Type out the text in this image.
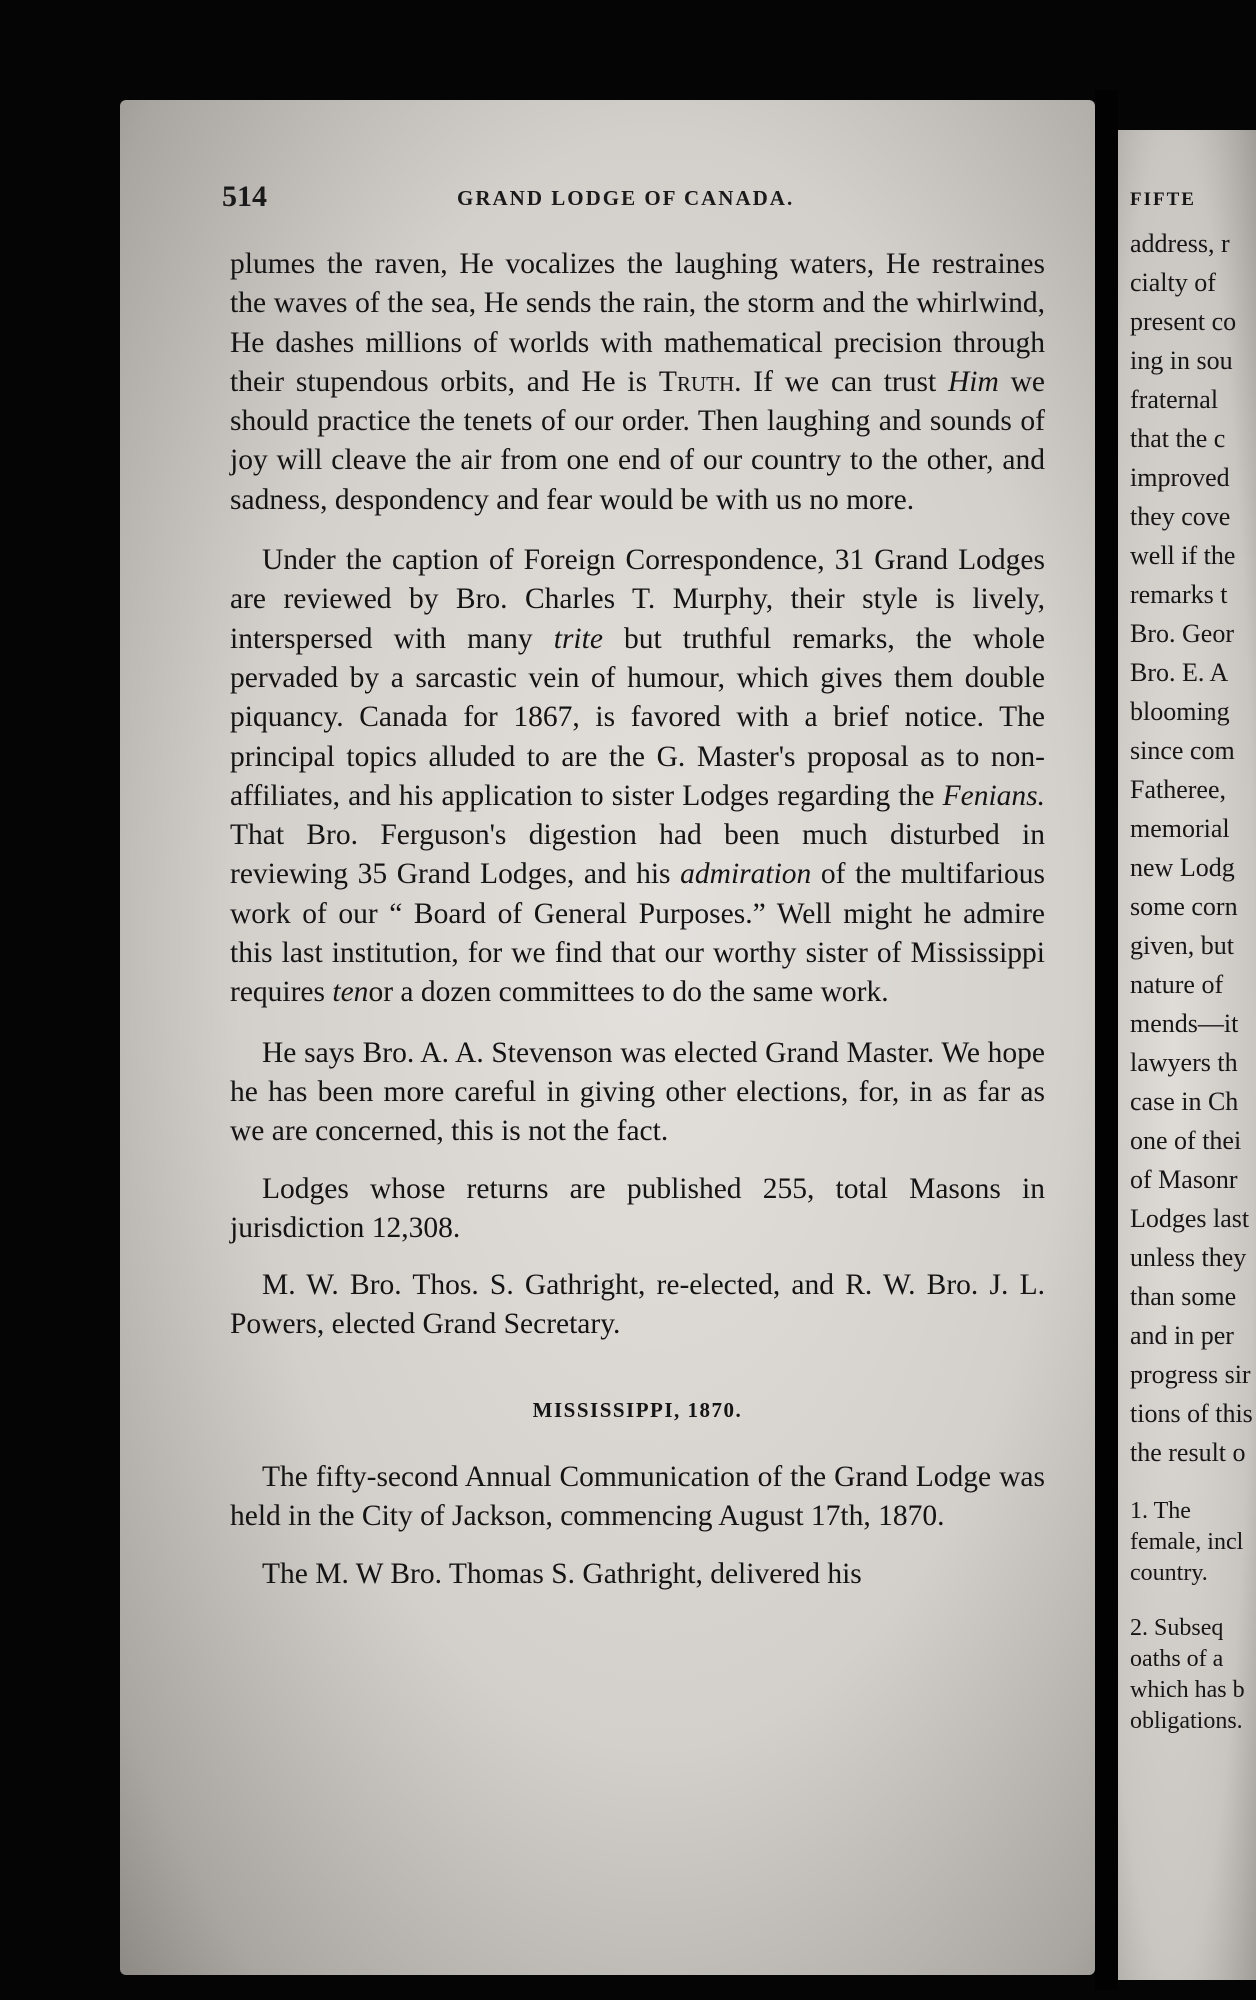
514	GRAND LODGE OF CANADA.

plumes the raven, He vocalizes the laughing waters, He restraines the waves of the sea, He sends the rain, the storm and the whirlwind, He dashes millions of worlds with mathematical precision through their stupendous orbits, and He is Truth. If we can trust Him we should practice the tenets of our order. Then laughing and sounds of joy will cleave the air from one end of our country to the other, and sadness, despondency and fear would be with us no more.

Under the caption of Foreign Correspondence, 31 Grand Lodges are reviewed by Bro. Charles T. Murphy, their style is lively, interspersed with many trite but truthful remarks, the whole pervaded by a sarcastic vein of humour, which gives them double piquancy. Canada for 1867, is favored with a brief notice. The principal topics alluded to are the G. Master's proposal as to non-affiliates, and his application to sister Lodges regarding the Fenians. That Bro. Ferguson's digestion had been much disturbed in reviewing 35 Grand Lodges, and his admiration of the multifarious work of our “ Board of General Purposes.” Well might he admire this last institution, for we find that our worthy sister of Mississippi requires tenor a dozen committees to do the same work.

He says Bro. A. A. Stevenson was elected Grand Master. We hope he has been more careful in giving other elections, for, in as far as we are concerned, this is not the fact.

Lodges whose returns are published 255, total Masons in jurisdiction 12,308.

M. W. Bro. Thos. S. Gathright, re-elected, and R. W. Bro. J. L. Powers, elected Grand Secretary.

MISSISSIPPI, 1870.

The fifty-second Annual Communication of the Grand Lodge was held in the City of Jackson, commencing August 17th, 1870.

The M. W Bro. Thomas S. Gathright, delivered his

FIFTE
address, r
cialty of
present co
ing in sou
fraternal
that the c
improved
they cove
well if the
remarks t
Bro. Geor
Bro. E. A
blooming
since com
Fatheree,
memorial
new Lodg
some corn
given, but
nature of
mends—it
lawyers th
case in Ch
one of thei
of Masonr
Lodges last
unless they
than some
and in per
progress sir
tions of this
the result o
1. The
female, incl
country.
2. Subseq
oaths of a
which has b
obligations.
